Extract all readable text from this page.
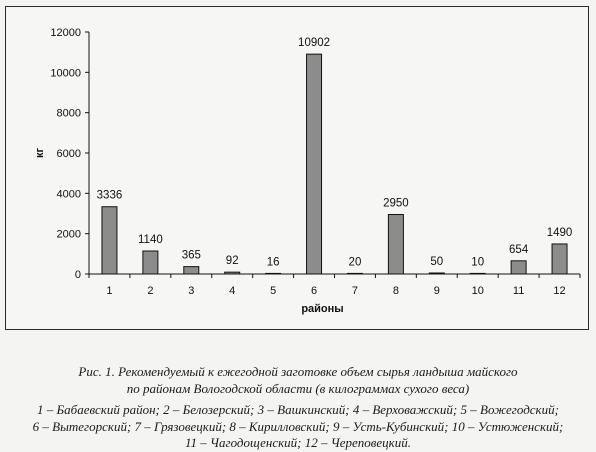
0
2000
4000
6000
8000
10000
12000
1	2	3	4	5	6	7	8	9	10	11	12
3336
1140
365 92 16
10902
20
2950
50 10
654
1490
кг
районы
Рис. 1. Рекомендуемый к ежегодной заготовке объем сырья ландыша майского
по районам Вологодской области (в килограммах сухого веса)
1 – Бабаевский район; 2 – Белозерский; 3 – Вашкинский; 4 – Верховажский; 5 – Вожегодский;
6 – Вытегорский; 7 – Грязовецкий; 8 – Кирилловский; 9 – Усть-Кубинский; 10 – Устюженский;
11 – Чагодощенский; 12 – Череповецкий.
